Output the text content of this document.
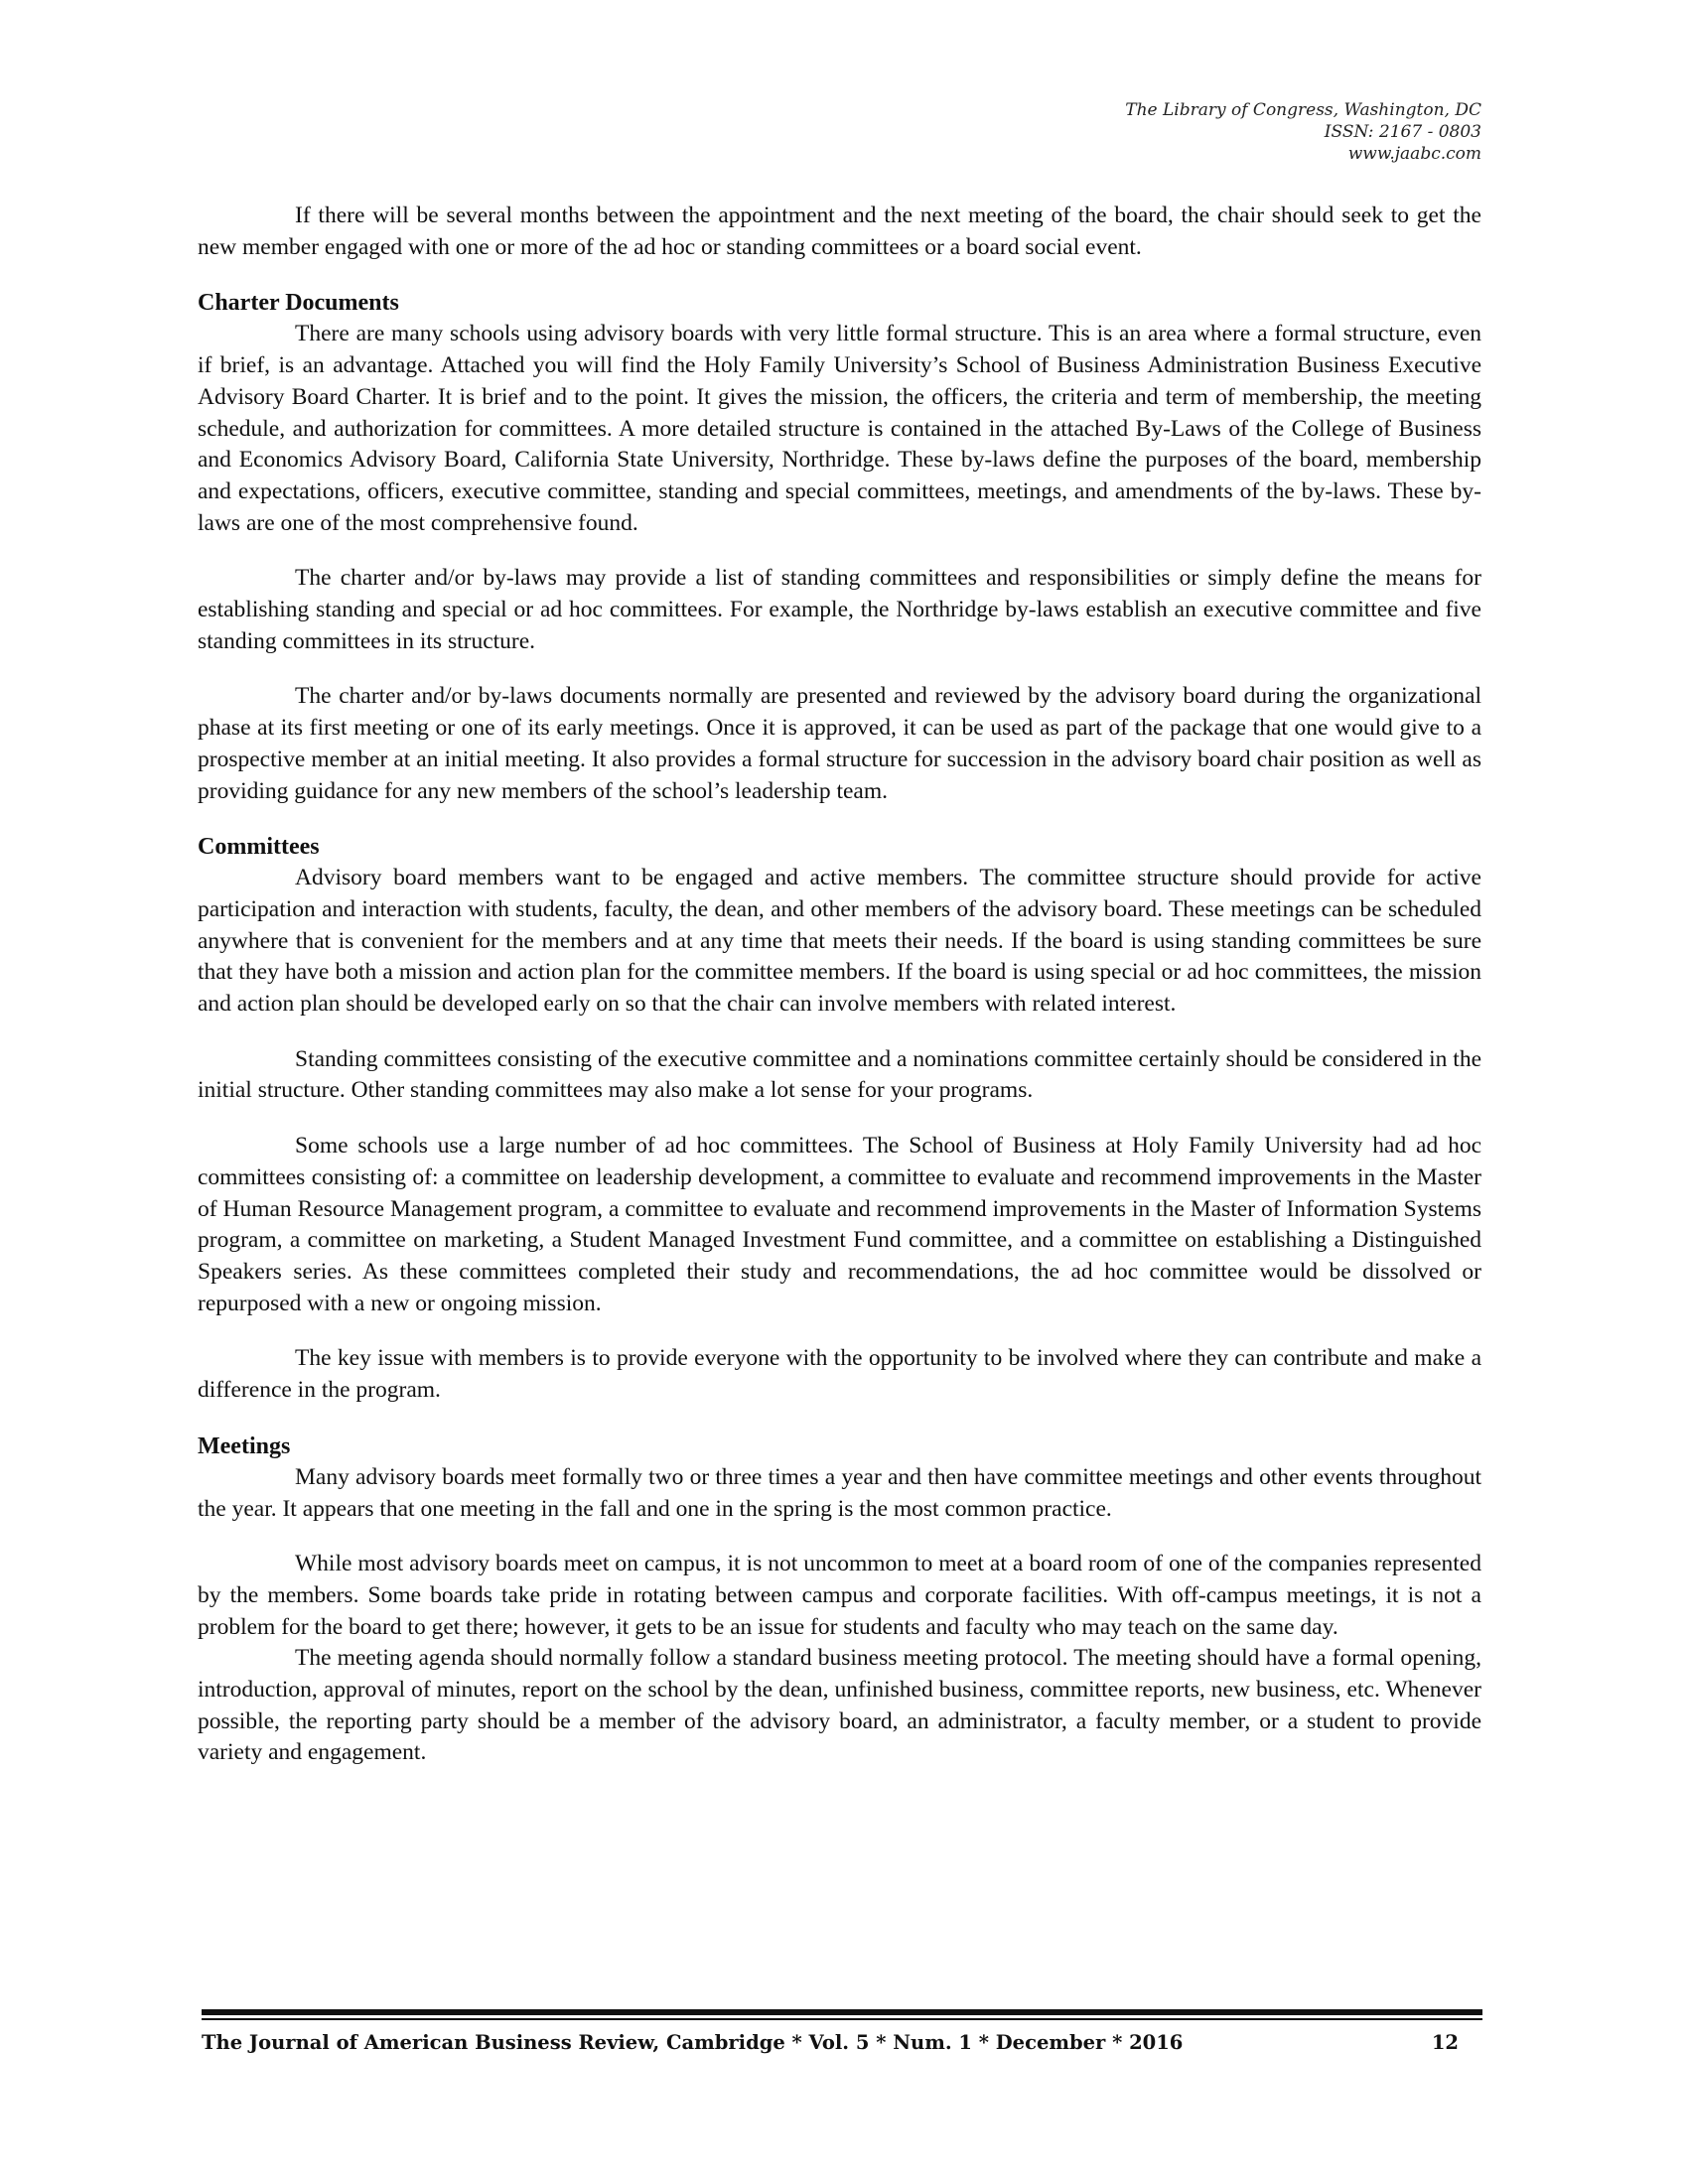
The Library of Congress, Washington, DC
ISSN: 2167 - 0803
www.jaabc.com

If there will be several months between the appointment and the next meeting of the board, the chair should seek to get the new member engaged with one or more of the ad hoc or standing committees or a board social event.

Charter Documents

There are many schools using advisory boards with very little formal structure. This is an area where a formal structure, even if brief, is an advantage. Attached you will find the Holy Family University’s School of Business Administration Business Executive Advisory Board Charter. It is brief and to the point. It gives the mission, the officers, the criteria and term of membership, the meeting schedule, and authorization for committees. A more detailed structure is contained in the attached By-Laws of the College of Business and Economics Advisory Board, California State University, Northridge. These by-laws define the purposes of the board, membership and expectations, officers, executive committee, standing and special committees, meetings, and amendments of the by-laws. These by-laws are one of the most comprehensive found.

The charter and/or by-laws may provide a list of standing committees and responsibilities or simply define the means for establishing standing and special or ad hoc committees. For example, the Northridge by-laws establish an executive committee and five standing committees in its structure.

The charter and/or by-laws documents normally are presented and reviewed by the advisory board during the organizational phase at its first meeting or one of its early meetings. Once it is approved, it can be used as part of the package that one would give to a prospective member at an initial meeting. It also provides a formal structure for succession in the advisory board chair position as well as providing guidance for any new members of the school’s leadership team.

Committees

Advisory board members want to be engaged and active members. The committee structure should provide for active participation and interaction with students, faculty, the dean, and other members of the advisory board. These meetings can be scheduled anywhere that is convenient for the members and at any time that meets their needs. If the board is using standing committees be sure that they have both a mission and action plan for the committee members. If the board is using special or ad hoc committees, the mission and action plan should be developed early on so that the chair can involve members with related interest.

Standing committees consisting of the executive committee and a nominations committee certainly should be considered in the initial structure. Other standing committees may also make a lot sense for your programs.

Some schools use a large number of ad hoc committees. The School of Business at Holy Family University had ad hoc committees consisting of: a committee on leadership development, a committee to evaluate and recommend improvements in the Master of Human Resource Management program, a committee to evaluate and recommend improvements in the Master of Information Systems program, a committee on marketing, a Student Managed Investment Fund committee, and a committee on establishing a Distinguished Speakers series. As these committees completed their study and recommendations, the ad hoc committee would be dissolved or repurposed with a new or ongoing mission.

The key issue with members is to provide everyone with the opportunity to be involved where they can contribute and make a difference in the program.

Meetings

Many advisory boards meet formally two or three times a year and then have committee meetings and other events throughout the year. It appears that one meeting in the fall and one in the spring is the most common practice.

While most advisory boards meet on campus, it is not uncommon to meet at a board room of one of the companies represented by the members. Some boards take pride in rotating between campus and corporate facilities. With off-campus meetings, it is not a problem for the board to get there; however, it gets to be an issue for students and faculty who may teach on the same day.

The meeting agenda should normally follow a standard business meeting protocol. The meeting should have a formal opening, introduction, approval of minutes, report on the school by the dean, unfinished business, committee reports, new business, etc. Whenever possible, the reporting party should be a member of the advisory board, an administrator, a faculty member, or a student to provide variety and engagement.

The Journal of American Business Review, Cambridge * Vol. 5 * Num. 1 * December * 2016	12
